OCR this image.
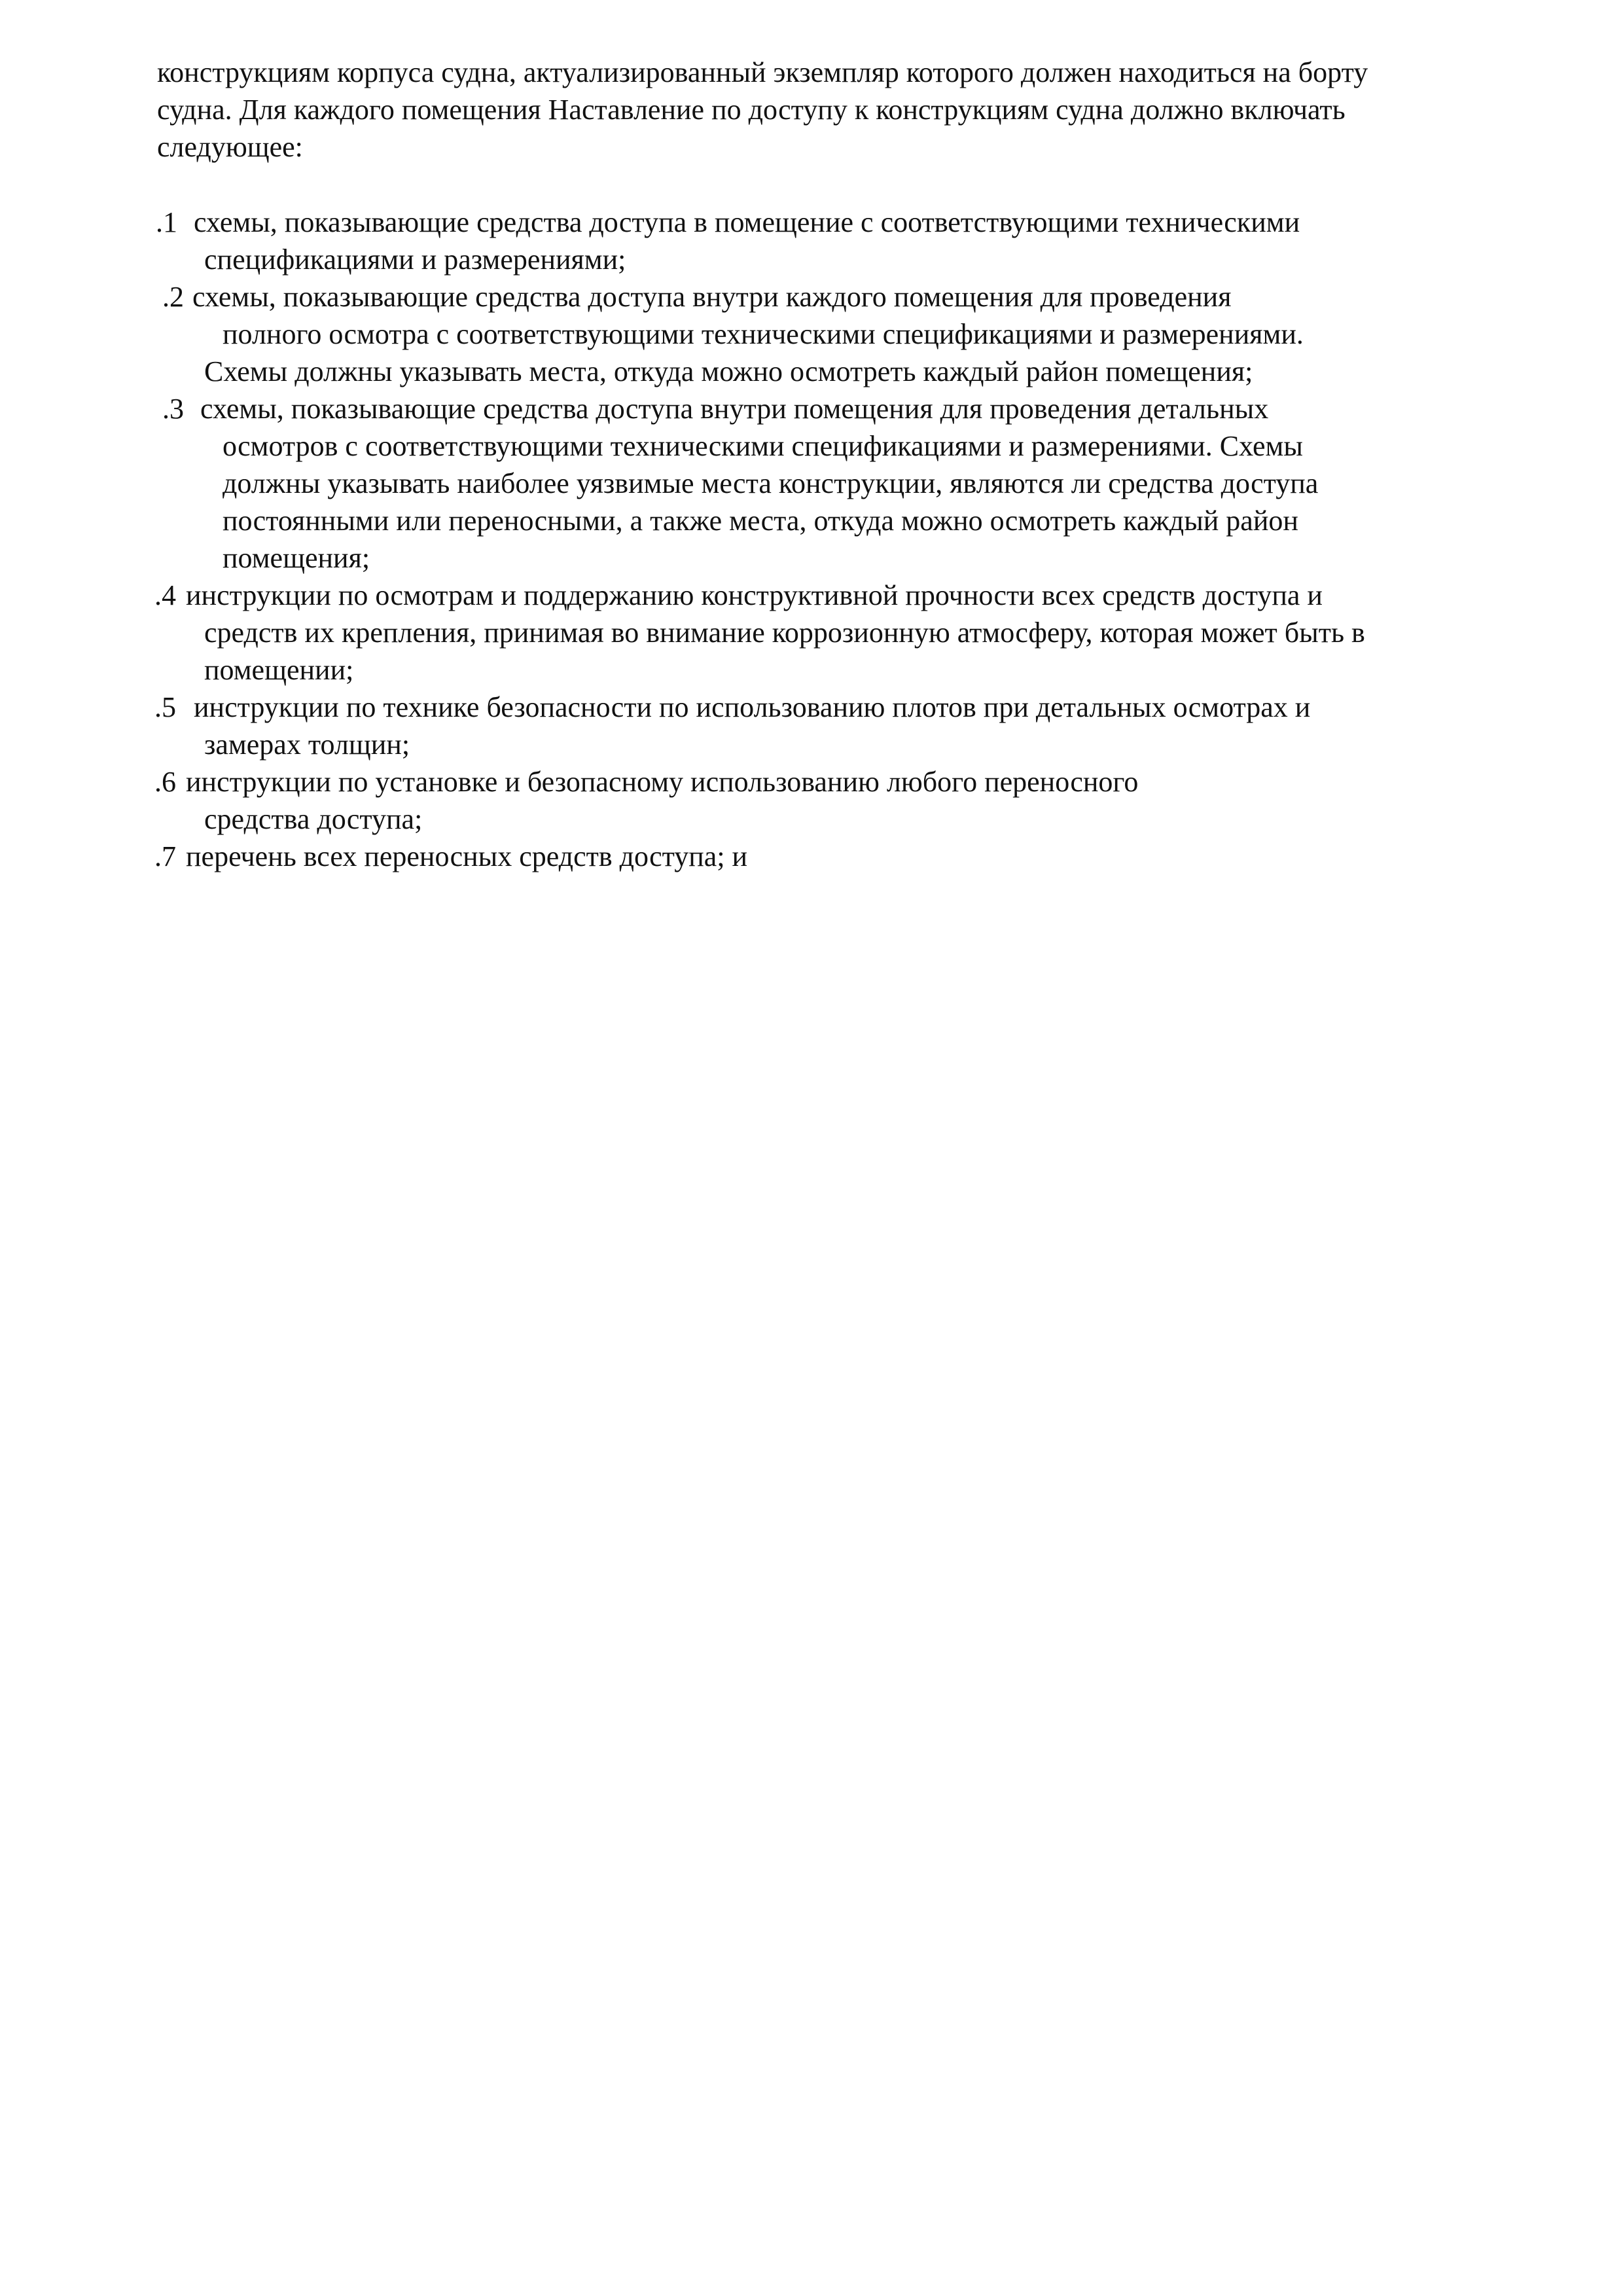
конструкциям корпуса судна, актуализированный экземпляр которого должен находиться на борту
судна. Для каждого помещения Наставление по доступу к конструкциям судна должно включать
следующее:
.1 схемы, показывающие средства доступа в помещение с соответствующими техническими
спецификациями и размерениями;
.2 схемы, показывающие средства доступа внутри каждого помещения для проведения
полного осмотра с соответствующими техническими спецификациями и размерениями.
Схемы должны указывать места, откуда можно осмотреть каждый район помещения;
.3 схемы, показывающие средства доступа внутри помещения для проведения детальных
осмотров с соответствующими техническими спецификациями и размерениями. Схемы
должны указывать наиболее уязвимые места конструкции, являются ли средства доступа
постоянными или переносными, а также места, откуда можно осмотреть каждый район
помещения;
.4 инструкции по осмотрам и поддержанию конструктивной прочности всех средств доступа и
средств их крепления, принимая во внимание коррозионную атмосферу, которая может быть в
помещении;
.5 инструкции по технике безопасности по использованию плотов при детальных осмотрах и
замерах толщин;
.6 инструкции по установке и безопасному использованию любого переносного
средства доступа;
.7 перечень всех переносных средств доступа; и
